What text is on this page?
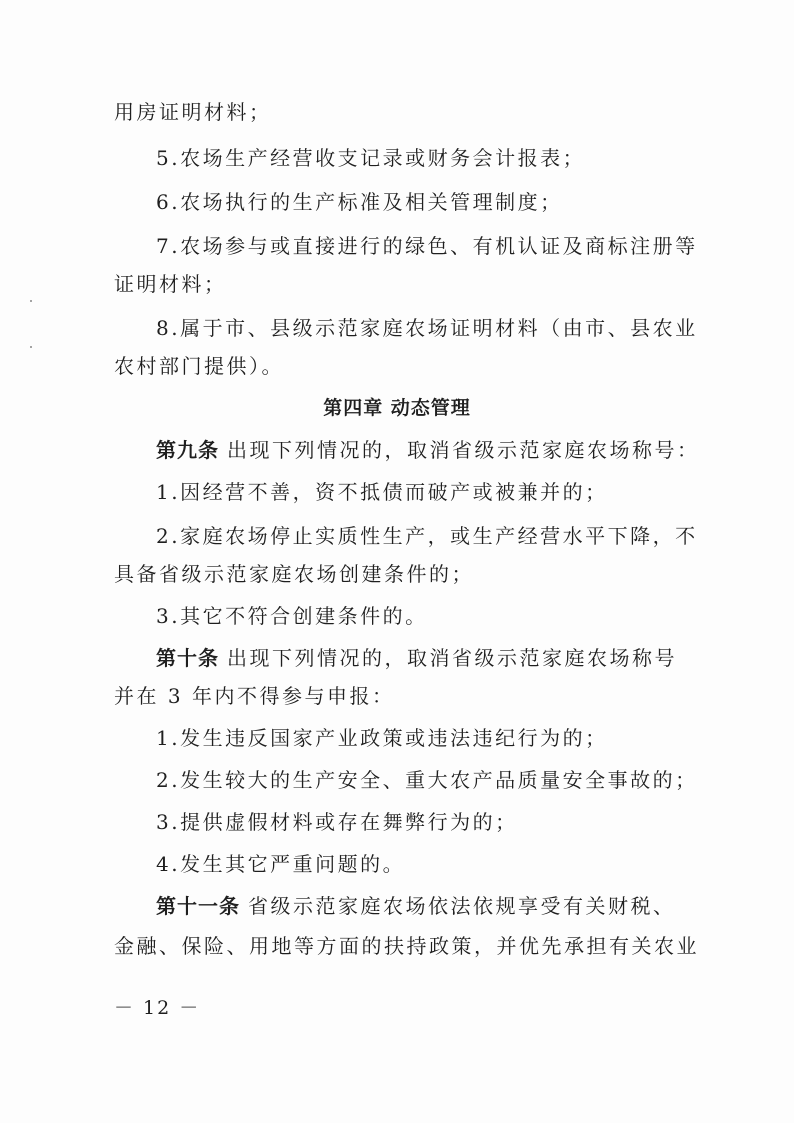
用房证明材料；
5.农场生产经营收支记录或财务会计报表；
6.农场执行的生产标准及相关管理制度；
7.农场参与或直接进行的绿色、有机认证及商标注册等
证明材料；
8.属于市、县级示范家庭农场证明材料（由市、县农业
农村部门提供）。
第四章 动态管理
第九条 出现下列情况的，取消省级示范家庭农场称号：
1.因经营不善，资不抵债而破产或被兼并的；
2.家庭农场停止实质性生产，或生产经营水平下降，不
具备省级示范家庭农场创建条件的；
3.其它不符合创建条件的。
第十条 出现下列情况的，取消省级示范家庭农场称号
并在 3 年内不得参与申报：
1.发生违反国家产业政策或违法违纪行为的；
2.发生较大的生产安全、重大农产品质量安全事故的；
3.提供虚假材料或存在舞弊行为的；
4.发生其它严重问题的。
第十一条 省级示范家庭农场依法依规享受有关财税、
金融、保险、用地等方面的扶持政策，并优先承担有关农业
－ 12 －
